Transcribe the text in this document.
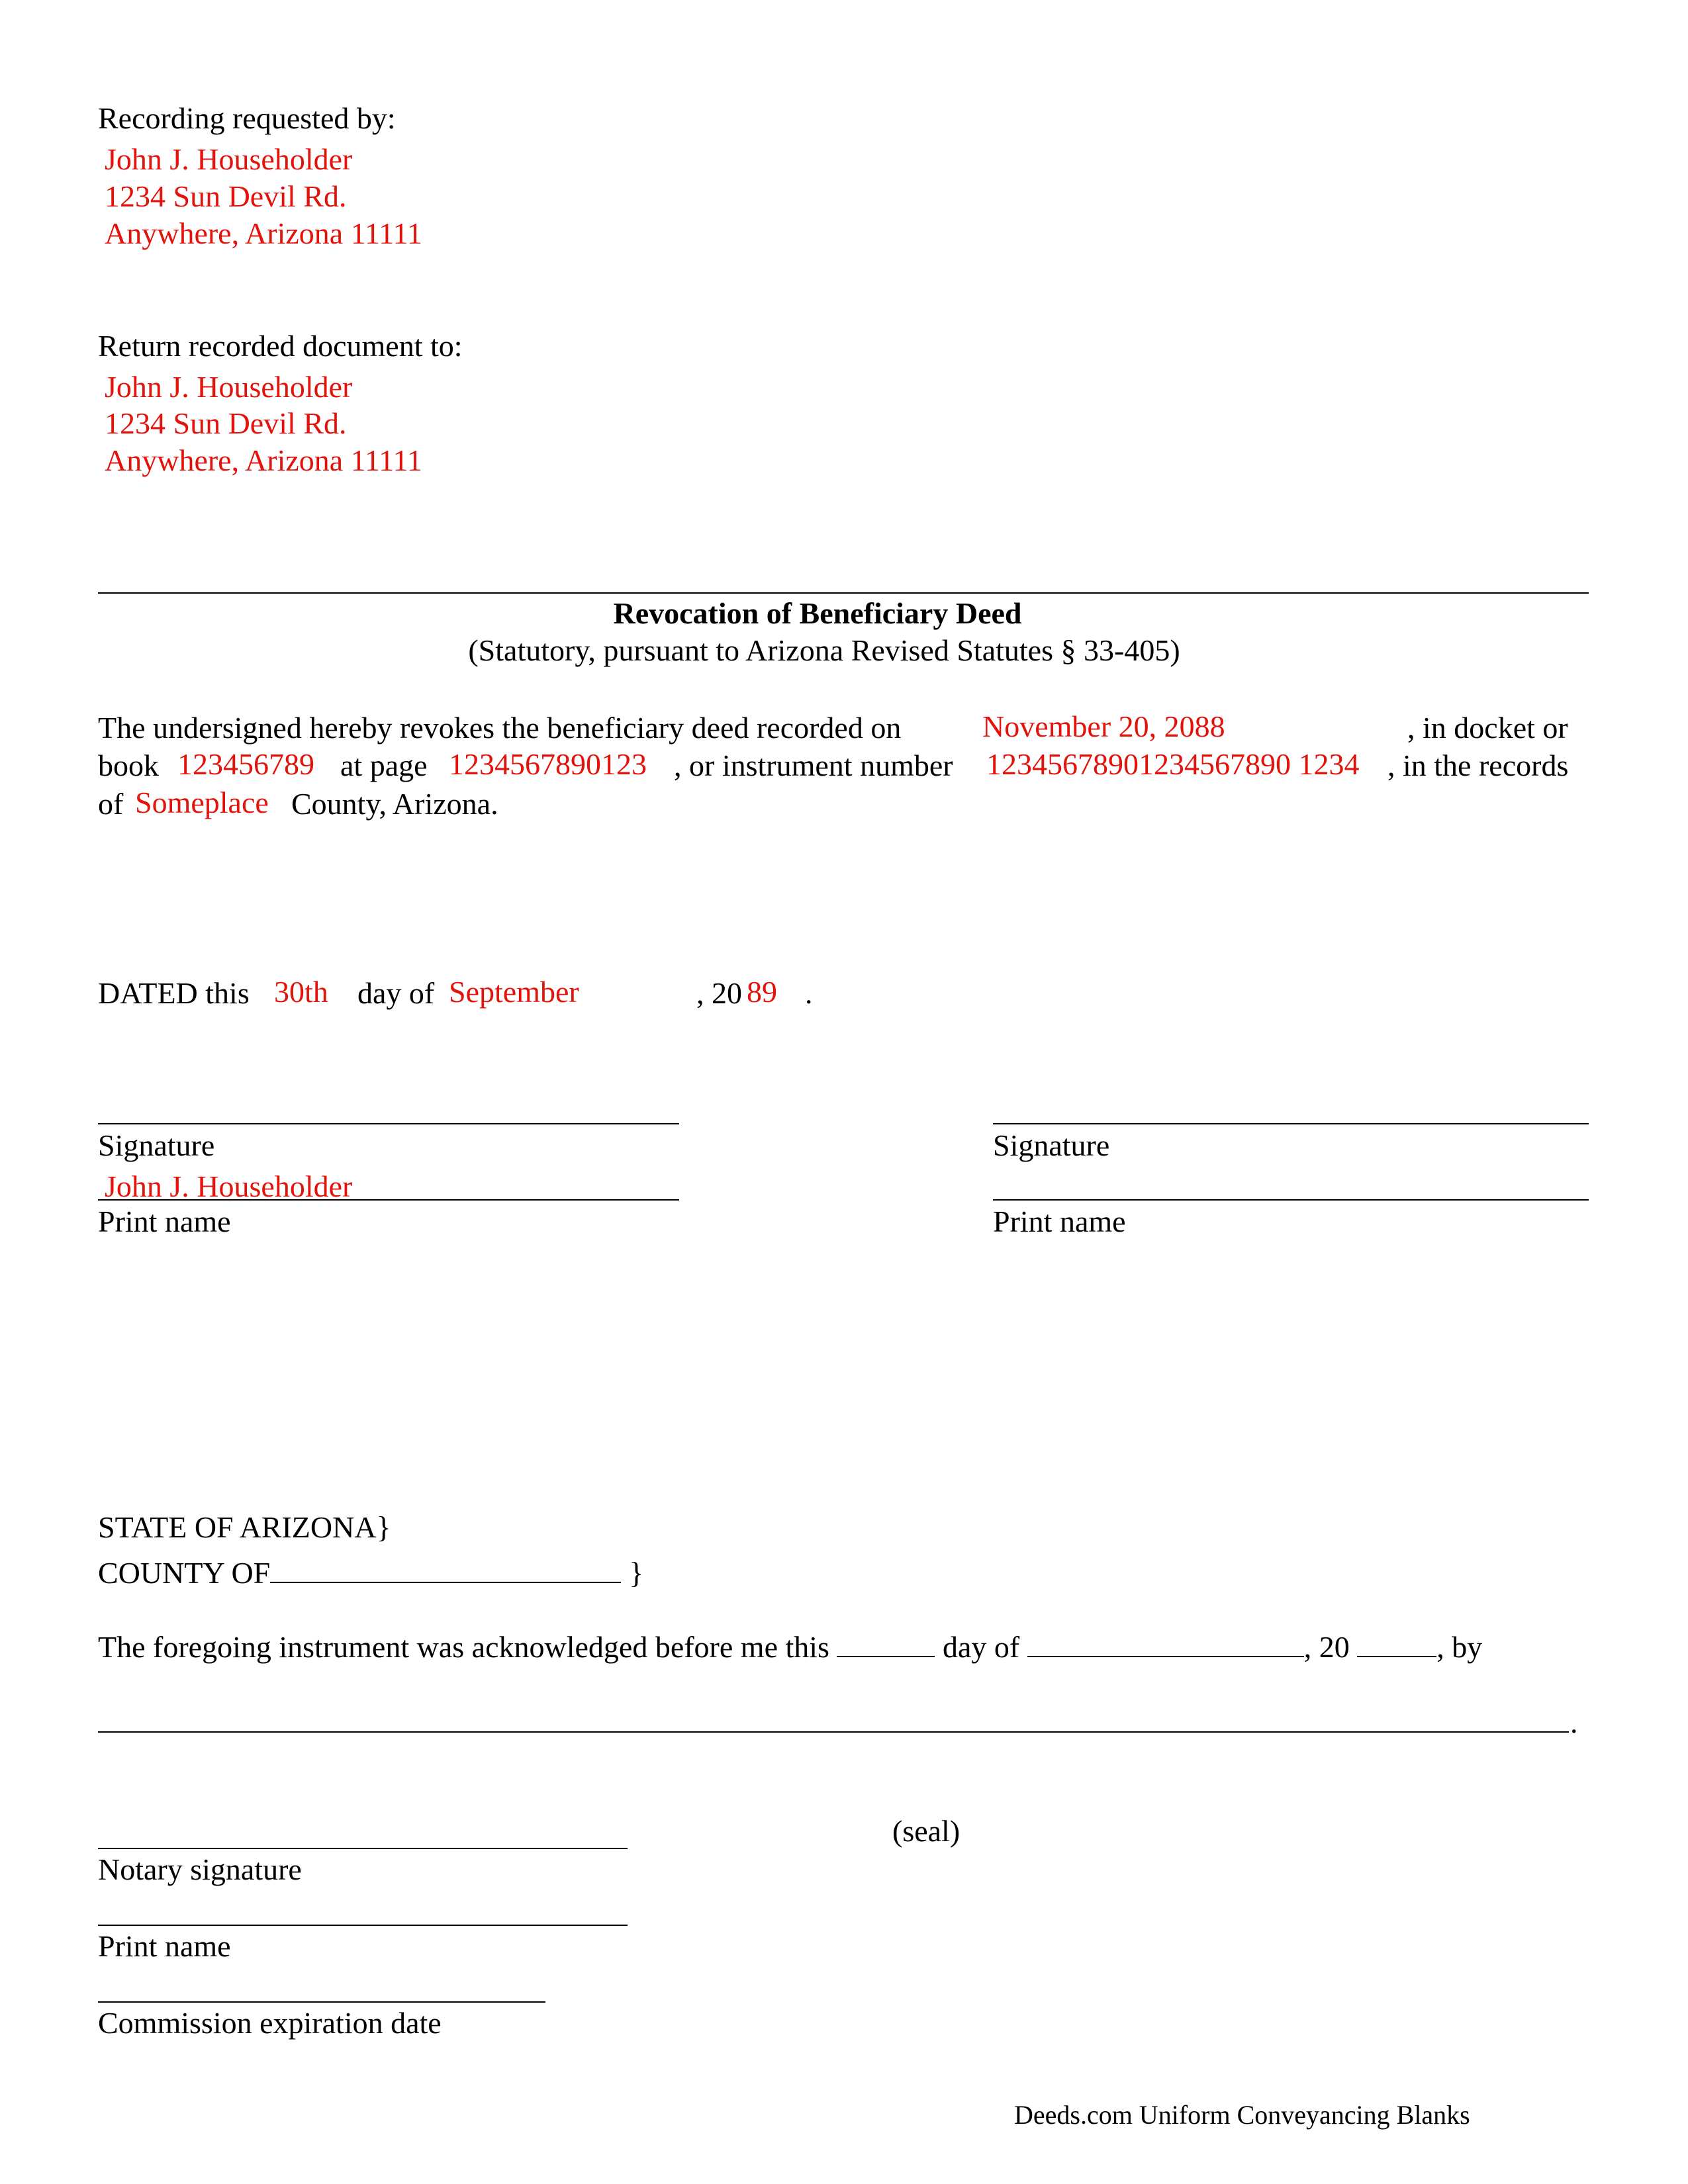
Recording requested by:
John J. Householder
1234 Sun Devil Rd.
Anywhere, Arizona 11111
Return recorded document to:
John J. Householder
1234 Sun Devil Rd.
Anywhere, Arizona 11111
Revocation of Beneficiary Deed
(Statutory, pursuant to Arizona Revised Statutes § 33-405)
The undersigned hereby revokes the beneficiary deed recorded on	November 20, 2088	, in docket or
book 123456789 at page 1234567890123 , or instrument number 12345678901234567890 1234 , in the records
of Someplace County, Arizona.
DATED this 30th day of September	, 20 89 .
Signature
John J. Householder
Print name
Signature
Print name
STATE OF ARIZONA}
COUNTY OF	}
The foregoing instrument was acknowledged before me this	day of	, 20	, by
.
(seal)
Notary signature
Print name
Commission expiration date
Deeds.com Uniform Conveyancing Blanks
